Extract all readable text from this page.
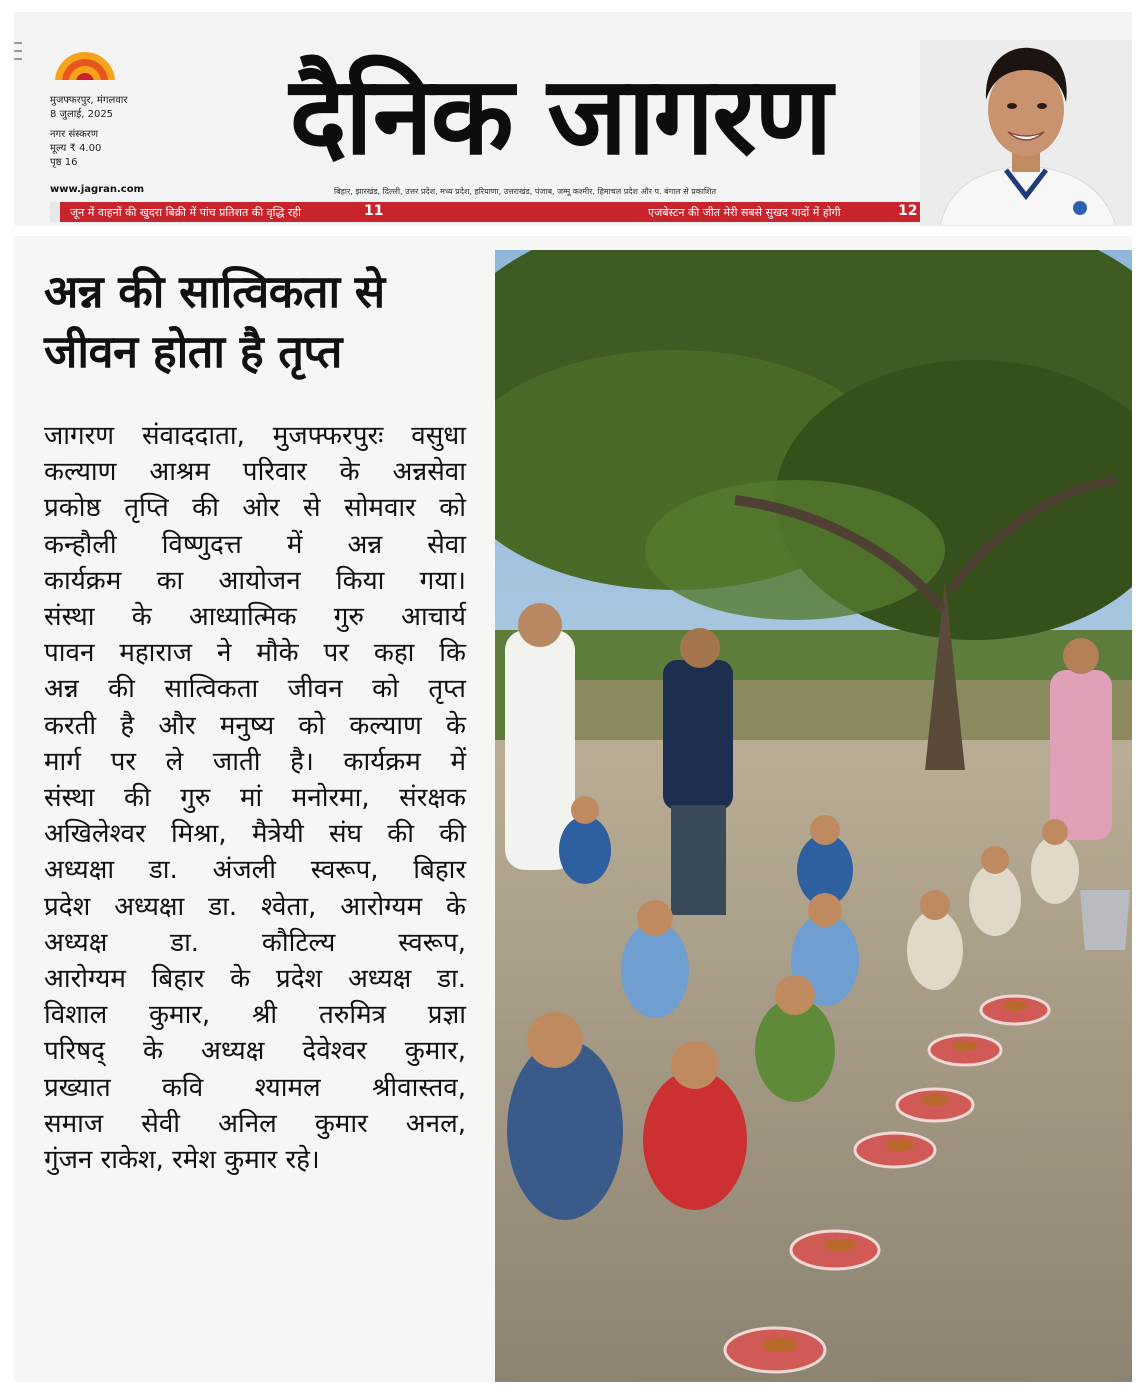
मुजफ्फरपुर, मंगलवार
8 जुलाई, 2025
नगर संस्करण
मूल्य ₹ 4.00
पृष्ठ 16	दैनिक जागरण
www.jagran.com	बिहार, झारखंड, दिल्ली, उत्तर प्रदेश, मध्य प्रदेश, हरियाणा, उत्तराखंड, पंजाब, जम्मू कश्मीर, हिमाचल प्रदेश और प. बंगाल से प्रकाशित
जून में वाहनों की खुदरा बिक्री में पांच प्रतिशत की वृद्धि रही	11	एजबेस्टन की जीत मेरी सबसे सुखद यादों में होगी	12
अन्न की सात्विकता से
जीवन होता है तृप्त
जागरण संवाददाता, मुजफ्फरपुरः वसुधा
कल्याण आश्रम परिवार के अन्नसेवा
प्रकोष्ठ तृप्ति की ओर से सोमवार को
कन्हौली विष्णुदत्त में अन्न सेवा
कार्यक्रम का आयोजन किया गया।
संस्था के आध्यात्मिक गुरु आचार्य
पावन महाराज ने मौके पर कहा कि
अन्न की सात्विकता जीवन को तृप्त
करती है और मनुष्य को कल्याण के
मार्ग पर ले जाती है। कार्यक्रम में
संस्था की गुरु मां मनोरमा, संरक्षक
अखिलेश्वर मिश्रा, मैत्रेयी संघ की की
अध्यक्षा डा. अंजली स्वरूप, बिहार
प्रदेश अध्यक्षा डा. श्वेता, आरोग्यम के
अध्यक्ष डा. कौटिल्य स्वरूप,
आरोग्यम बिहार के प्रदेश अध्यक्ष डा.
विशाल कुमार, श्री तरुमित्र प्रज्ञा
परिषद् के अध्यक्ष देवेश्वर कुमार,
प्रख्यात कवि श्यामल श्रीवास्तव,
समाज सेवी अनिल कुमार अनल,
गुंजन राकेश, रमेश कुमार रहे।
